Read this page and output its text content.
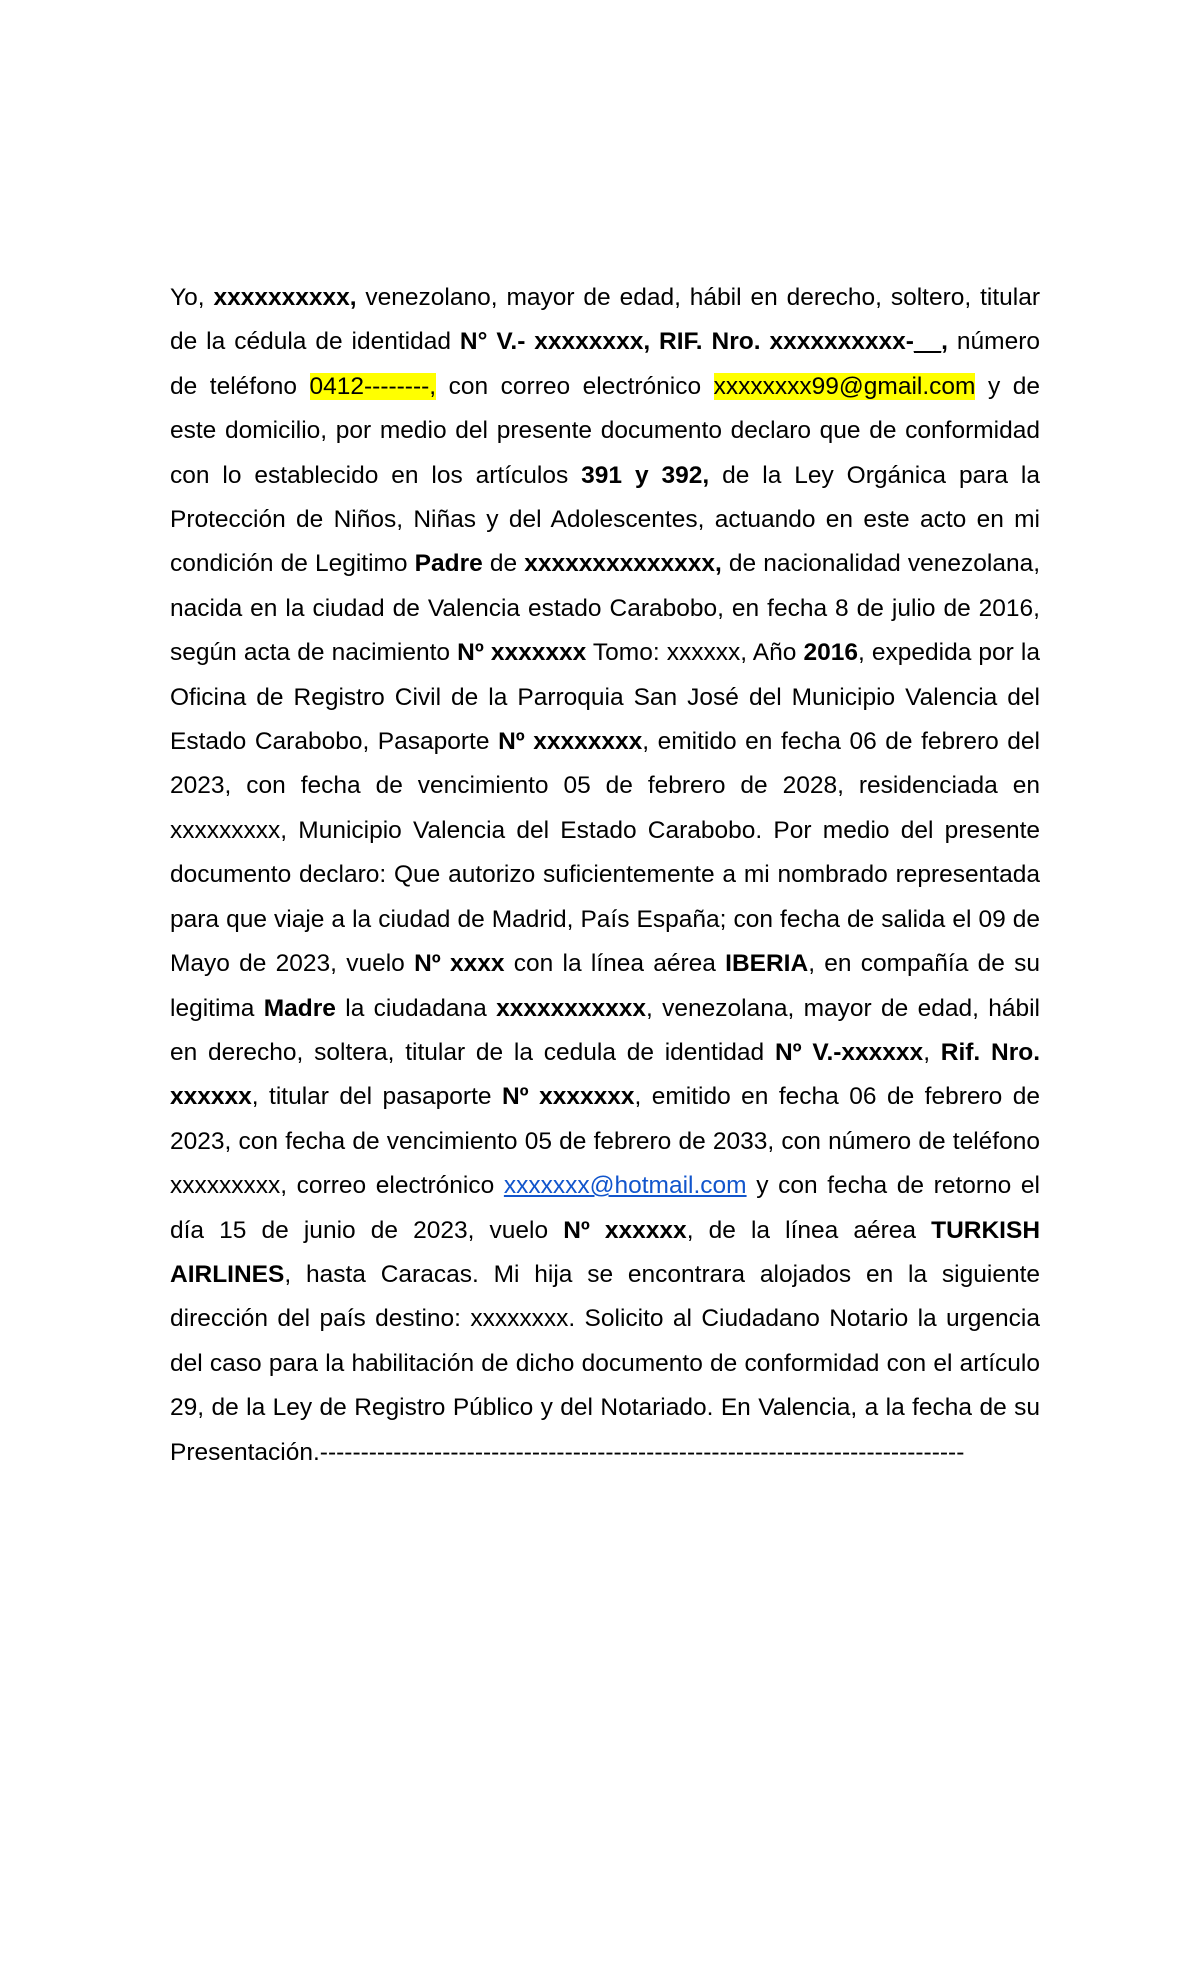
Yo, xxxxxxxxxx, venezolano, mayor de edad, hábil en derecho, soltero, titular de la cédula de identidad N° V.- xxxxxxxx, RIF. Nro. xxxxxxxxxx-__, número de teléfono 0412--------, con correo electrónico xxxxxxxx99@gmail.com y de este domicilio, por medio del presente documento declaro que de conformidad con lo establecido en los artículos 391 y 392, de la Ley Orgánica para la Protección de Niños, Niñas y del Adolescentes, actuando en este acto en mi condición de Legitimo Padre de xxxxxxxxxxxxxx, de nacionalidad venezolana, nacida en la ciudad de Valencia estado Carabobo, en fecha 8 de julio de 2016, según acta de nacimiento Nº xxxxxxx Tomo: xxxxxx, Año 2016, expedida por la Oficina de Registro Civil de la Parroquia San José del Municipio Valencia del Estado Carabobo, Pasaporte Nº xxxxxxxx, emitido en fecha 06 de febrero del 2023, con fecha de vencimiento 05 de febrero de 2028, residenciada en xxxxxxxxx, Municipio Valencia del Estado Carabobo. Por medio del presente documento declaro: Que autorizo suficientemente a mi nombrado representada para que viaje a la ciudad de Madrid, País España; con fecha de salida el 09 de Mayo de 2023, vuelo Nº xxxx con la línea aérea IBERIA, en compañía de su legitima Madre la ciudadana xxxxxxxxxxx, venezolana, mayor de edad, hábil en derecho, soltera, titular de la cedula de identidad Nº V.-xxxxxx, Rif. Nro. xxxxxx, titular del pasaporte Nº xxxxxxx, emitido en fecha 06 de febrero de 2023, con fecha de vencimiento 05 de febrero de 2033, con número de teléfono xxxxxxxxx, correo electrónico xxxxxxx@hotmail.com y con fecha de retorno el día 15 de junio de 2023, vuelo Nº xxxxxx, de la línea aérea TURKISH AIRLINES, hasta Caracas. Mi hija se encontrara alojados en la siguiente dirección del país destino: xxxxxxxx. Solicito al Ciudadano Notario la urgencia del caso para la habilitación de dicho documento de conformidad con el artículo 29, de la Ley de Registro Público y del Notariado. En Valencia, a la fecha de su Presentación.-------------------------------------------------------------------------------
